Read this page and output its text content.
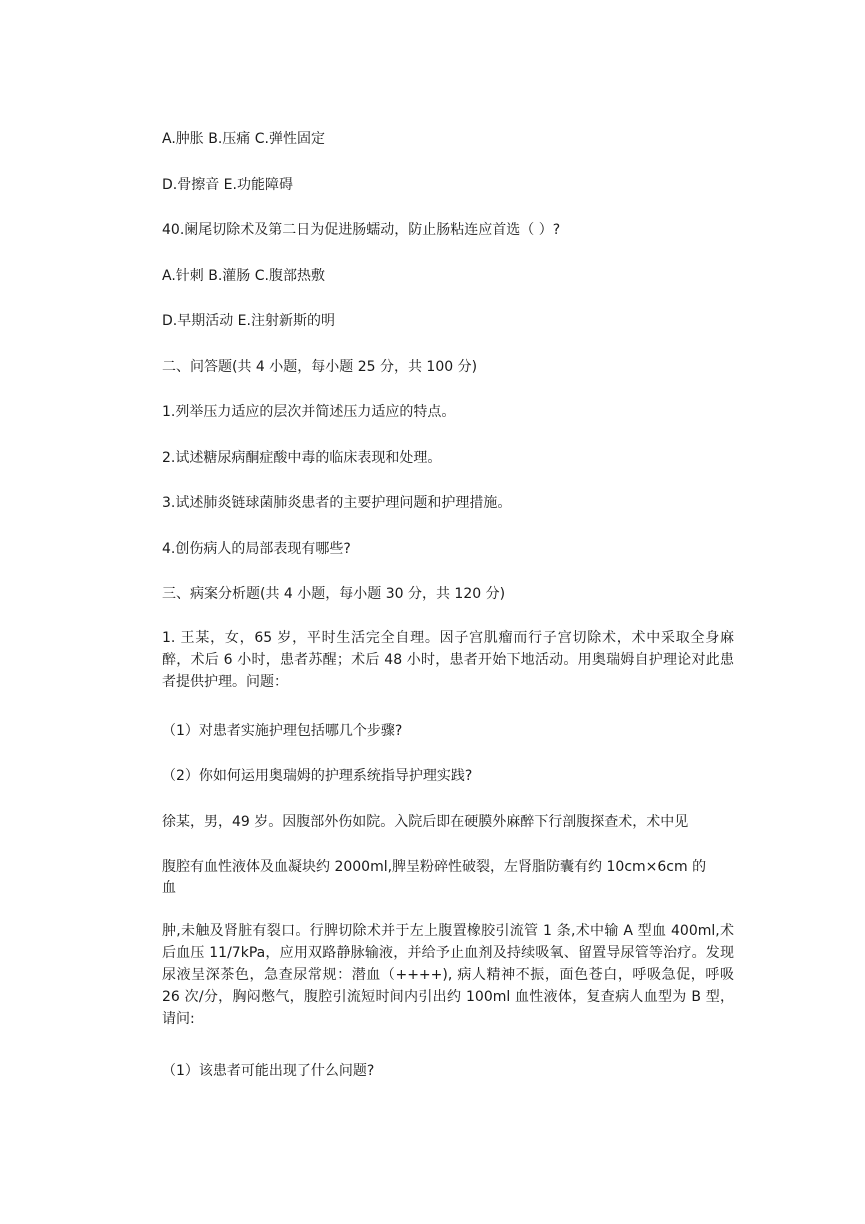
A.肿胀 B.压痛 C.弹性固定
D.骨擦音 E.功能障碍
40.阑尾切除术及第二日为促进肠蠕动，防止肠粘连应首选（ ）?
A.针刺 B.灌肠 C.腹部热敷
D.早期活动 E.注射新斯的明
二、问答题(共 4 小题，每小题 25 分，共 100 分)
1.列举压力适应的层次并简述压力适应的特点。
2.试述糖尿病酮症酸中毒的临床表现和处理。
3.试述肺炎链球菌肺炎患者的主要护理问题和护理措施。
4.创伤病人的局部表现有哪些?
三、病案分析题(共 4 小题，每小题 30 分，共 120 分)
1. 王某，女，65 岁，平时生活完全自理。因子宫肌瘤而行子宫切除术，术中采取全身麻醉，术后 6 小时，患者苏醒；术后 48 小时，患者开始下地活动。用奥瑞姆自护理论对此患者提供护理。问题：
（1）对患者实施护理包括哪几个步骤?
（2）你如何运用奥瑞姆的护理系统指导护理实践?
徐某，男，49 岁。因腹部外伤如院。入院后即在硬膜外麻醉下行剖腹探查术，术中见
腹腔有血性液体及血凝块约 2000ml,脾呈粉碎性破裂，左肾脂防囊有约 10cm×6cm 的
血
肿,未触及肾脏有裂口。行脾切除术并于左上腹置橡胶引流管 1 条,术中输 A 型血 400ml,术后血压 11/7kPa，应用双路静脉输液，并给予止血剂及持续吸氧、留置导尿管等治疗。发现尿液呈深茶色，急查尿常规：潜血（++++), 病人精神不振，面色苍白，呼吸急促，呼吸 26 次/分，胸闷憋气，腹腔引流短时间内引出约 100ml 血性液体，复查病人血型为 B 型，请问:
（1）该患者可能出现了什么问题?
